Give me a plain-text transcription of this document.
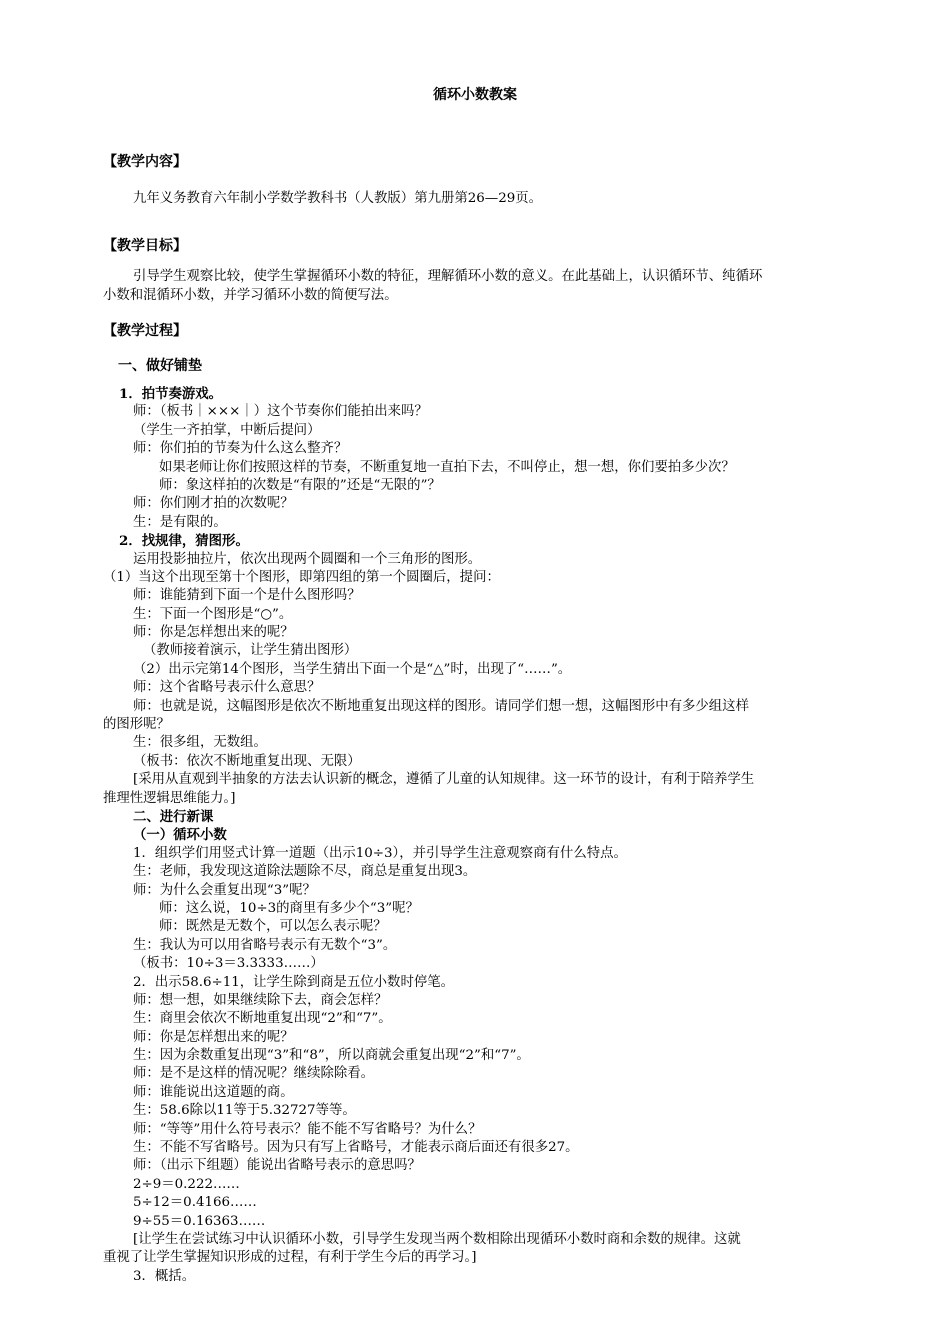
循环小数教案
【教学内容】
九年义务教育六年制小学数学教科书（人教版）第九册第26—29页。
【教学目标】
引导学生观察比较，使学生掌握循环小数的特征，理解循环小数的意义。在此基础上，认识循环节、纯循环
小数和混循环小数，并学习循环小数的简便写法。
【教学过程】
一、做好铺垫
1．拍节奏游戏。
师：（板书｜×××｜）这个节奏你们能拍出来吗？
（学生一齐拍掌，中断后提问）
师：你们拍的节奏为什么这么整齐？
如果老师让你们按照这样的节奏，不断重复地一直拍下去，不叫停止，想一想，你们要拍多少次？
师：象这样拍的次数是“有限的”还是“无限的”？
师：你们刚才拍的次数呢？
生：是有限的。
2．找规律，猜图形。
运用投影抽拉片，依次出现两个圆圈和一个三角形的图形。
（1）当这个出现至第十个图形，即第四组的第一个圆圈后，提问：
师：谁能猜到下面一个是什么图形吗？
生：下面一个图形是“○”。
师：你是怎样想出来的呢？
（教师接着演示，让学生猜出图形）
（2）出示完第14个图形，当学生猜出下面一个是“△”时，出现了“……”。
师：这个省略号表示什么意思？
师：也就是说，这幅图形是依次不断地重复出现这样的图形。请同学们想一想，这幅图形中有多少组这样
的图形呢？
生：很多组，无数组。
（板书：依次不断地重复出现、无限）
[采用从直观到半抽象的方法去认识新的概念，遵循了儿童的认知规律。这一环节的设计，有利于陪养学生
推理性逻辑思维能力。]
二、进行新课
（一）循环小数
1．组织学们用竖式计算一道题（出示10÷3），并引导学生注意观察商有什么特点。
生：老师，我发现这道除法题除不尽，商总是重复出现3。
师：为什么会重复出现“3”呢？
师：这么说，10÷3的商里有多少个“3”呢？
师：既然是无数个，可以怎么表示呢？
生：我认为可以用省略号表示有无数个“3”。
（板书：10÷3＝3.3333……）
2．出示58.6÷11，让学生除到商是五位小数时停笔。
师：想一想，如果继续除下去，商会怎样？
生：商里会依次不断地重复出现“2”和“7”。
师：你是怎样想出来的呢？
生：因为余数重复出现“3”和“8”，所以商就会重复出现“2”和“7”。
师：是不是这样的情况呢？继续除除看。
师：谁能说出这道题的商。
生：58.6除以11等于5.32727等等。
师：“等等”用什么符号表示？能不能不写省略号？为什么？
生：不能不写省略号。因为只有写上省略号，才能表示商后面还有很多27。
师：（出示下组题）能说出省略号表示的意思吗？
2÷9＝0.222……
5÷12＝0.4166……
9÷55＝0.16363……
[让学生在尝试练习中认识循环小数，引导学生发现当两个数相除出现循环小数时商和余数的规律。这就
重视了让学生掌握知识形成的过程，有利于学生今后的再学习。]
3．概括。
